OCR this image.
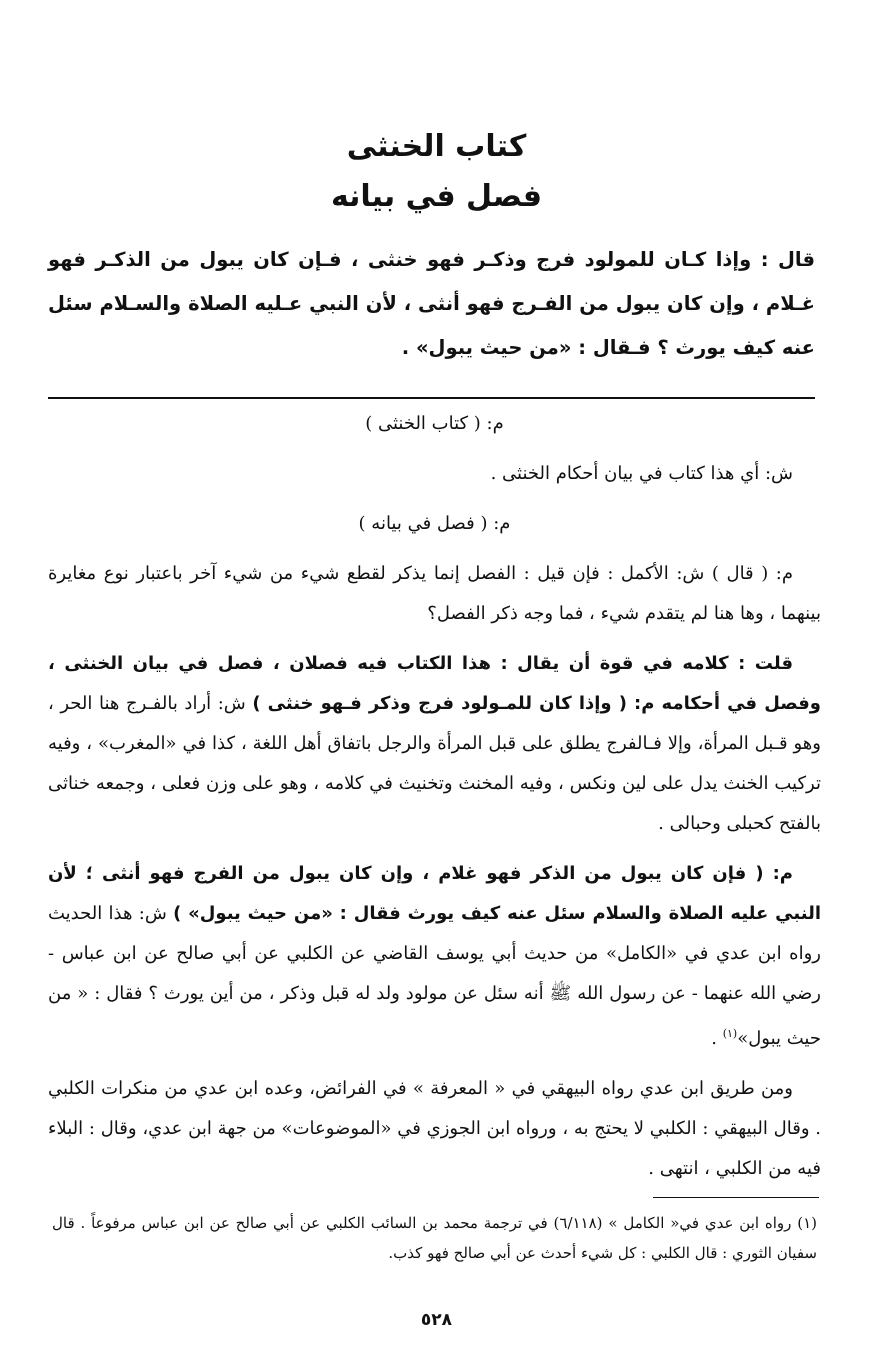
كتاب الخنثى
فصل في بيانه

قال : وإذا كـان للمولود فرج وذكـر فهو خنثى ، فـإن كان يبول من الذكـر فهو غـلام ، وإن كان يبول من الفـرج فهو أنثى ، لأن النبي عـليه الصلاة والسـلام سئل عنه كيف يورث ؟ فـقال : «من حيث يبول» .

م: ( كتاب الخنثى )

ش: أي هذا كتاب في بيان أحكام الخنثى .

م: ( فصل في بيانه )

م: ( قال ) ش: الأكمل : فإن قيل : الفصل إنما يذكر لقطع شيء من شيء آخر باعتبار نوع مغايرة بينهما ، وها هنا لم يتقدم شيء ، فما وجه ذكر الفصل؟

قلت : كلامه في قوة أن يقال : هذا الكتاب فيه فصلان ، فصل في بيان الخنثى ، وفصل في أحكامه م: ( وإذا كان للمـولود فرج وذكر فـهو خنثى ) ش: أراد بالفـرج هنا الحر ، وهو قـبل المرأة، وإلا فـالفرج يطلق على قبل المرأة والرجل باتفاق أهل اللغة ، كذا في «المغرب» ، وفيه تركيب الخنث يدل على لين ونكس ، وفيه المخنث وتخنيث في كلامه ، وهو على وزن فعلى ، وجمعه خناثى بالفتح كحبلى وحبالى .

م: ( فإن كان يبول من الذكر فهو غلام ، وإن كان يبول من الفرج فهو أنثى ؛ لأن النبي عليه الصلاة والسلام سئل عنه كيف يورث فقال : «من حيث يبول» ) ش: هذا الحديث رواه ابن عدي في «الكامل» من حديث أبي يوسف القاضي عن الكلبي عن أبي صالح عن ابن عباس - رضي الله عنهما - عن رسول الله ﷺ أنه سئل عن مولود ولد له قبل وذكر ، من أين يورث ؟ فقال : « من حيث يبول»$^{(١)}$ .

ومن طريق ابن عدي رواه البيهقي في « المعرفة » في الفرائض، وعده ابن عدي من منكرات الكلبي . وقال البيهقي : الكلبي لا يحتج به ، ورواه ابن الجوزي في «الموضوعات» من جهة ابن عدي، وقال : البلاء فيه من الكلبي ، انتهى .

(١) رواه ابن عدي في« الكامل » (٦/١١٨) في ترجمة محمد بن السائب الكلبي عن أبي صالح عن ابن عباس مرفوعاً . قال سفيان الثوري : قال الكلبي : كل شيء أحدث عن أبي صالح فهو كذب.

٥٢٨
